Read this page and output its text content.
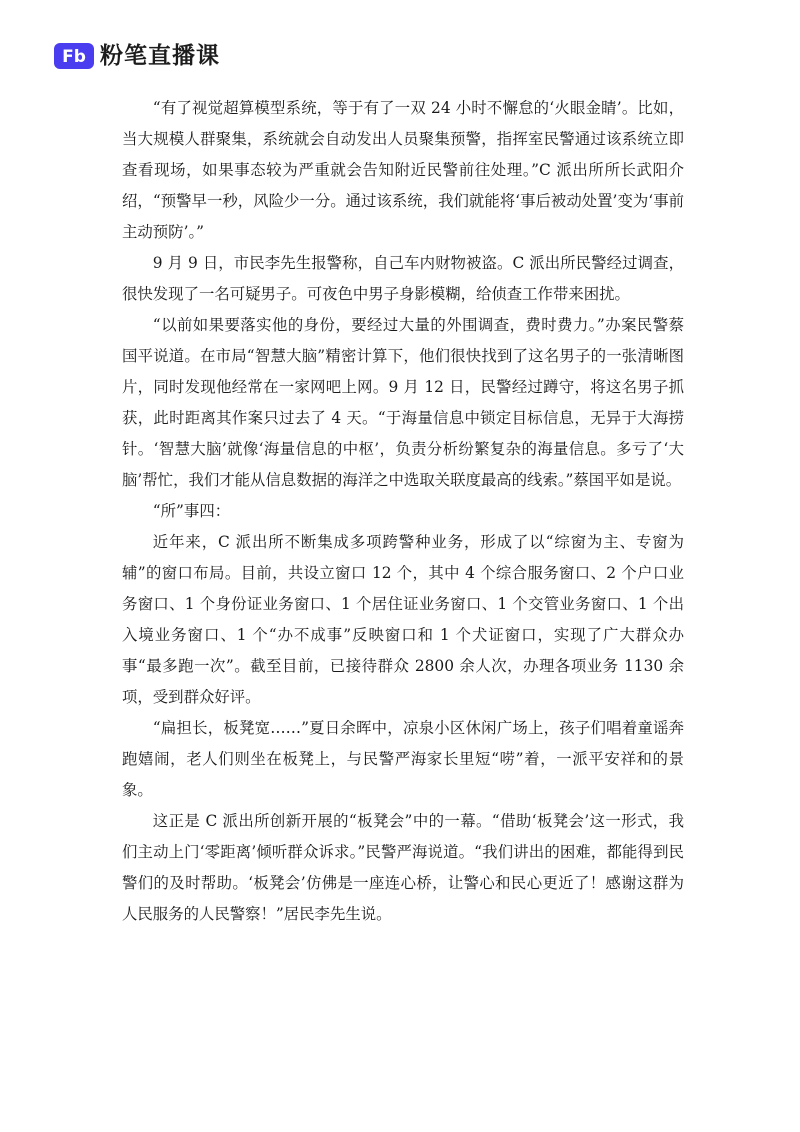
Fb 粉笔直播课

“有了视觉超算模型系统，等于有了一双 24 小时不懈怠的‘火眼金睛’。比如，当大规模人群聚集，系统就会自动发出人员聚集预警，指挥室民警通过该系统立即查看现场，如果事态较为严重就会告知附近民警前往处理。”C 派出所所长武阳介绍，“预警早一秒，风险少一分。通过该系统，我们就能将‘事后被动处置’变为‘事前主动预防’。”

9 月 9 日，市民李先生报警称，自己车内财物被盗。C 派出所民警经过调查，很快发现了一名可疑男子。可夜色中男子身影模糊，给侦查工作带来困扰。

“以前如果要落实他的身份，要经过大量的外围调查，费时费力。”办案民警蔡国平说道。在市局“智慧大脑”精密计算下，他们很快找到了这名男子的一张清晰图片，同时发现他经常在一家网吧上网。9 月 12 日，民警经过蹲守，将这名男子抓获，此时距离其作案只过去了 4 天。“于海量信息中锁定目标信息，无异于大海捞针。‘智慧大脑’就像‘海量信息的中枢’，负责分析纷繁复杂的海量信息。多亏了‘大脑’帮忙，我们才能从信息数据的海洋之中选取关联度最高的线索。”蔡国平如是说。

“所”事四：

近年来，C 派出所不断集成多项跨警种业务，形成了以“综窗为主、专窗为辅”的窗口布局。目前，共设立窗口 12 个，其中 4 个综合服务窗口、2 个户口业务窗口、1 个身份证业务窗口、1 个居住证业务窗口、1 个交管业务窗口、1 个出入境业务窗口、1 个“办不成事”反映窗口和 1 个犬证窗口，实现了广大群众办事“最多跑一次”。截至目前，已接待群众 2800 余人次，办理各项业务 1130 余项，受到群众好评。

“扁担长，板凳宽……”夏日余晖中，凉泉小区休闲广场上，孩子们唱着童谣奔跑嬉闹，老人们则坐在板凳上，与民警严海家长里短“唠”着，一派平安祥和的景象。

这正是 C 派出所创新开展的“板凳会”中的一幕。“借助‘板凳会’这一形式，我们主动上门‘零距离’倾听群众诉求。”民警严海说道。“我们讲出的困难，都能得到民警们的及时帮助。‘板凳会’仿佛是一座连心桥，让警心和民心更近了！感谢这群为人民服务的人民警察！”居民李先生说。
